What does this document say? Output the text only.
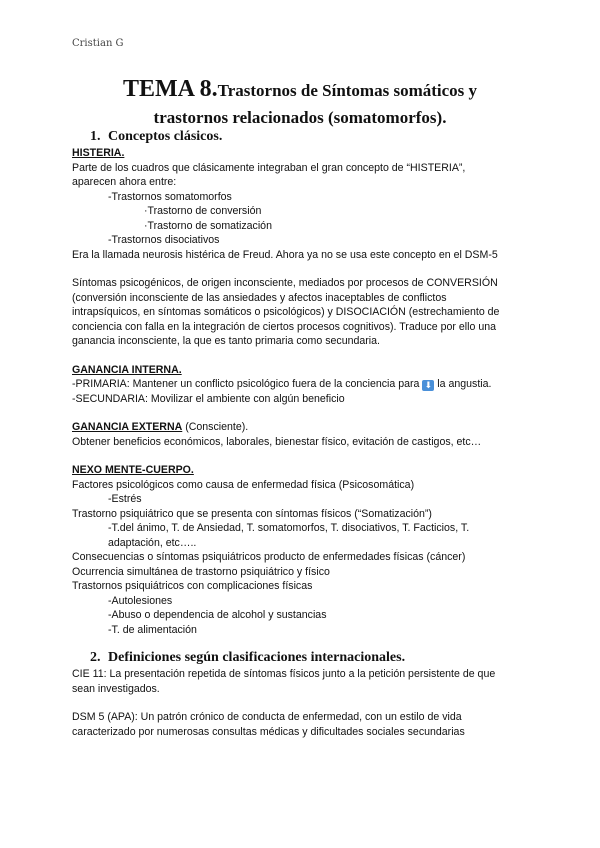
Cristian G
TEMA 8.Trastornos de Síntomas somáticos y
trastornos relacionados (somatomorfos).
1. Conceptos clásicos.
HISTERIA.
Parte de los cuadros que clásicamente integraban el gran concepto de “HISTERIA”,
aparecen ahora entre:
-Trastornos somatomorfos
·Trastorno de conversión
·Trastorno de somatización
-Trastornos disociativos
Era la llamada neurosis histérica de Freud. Ahora ya no se usa este concepto en el DSM-5
Síntomas psicogénicos, de origen inconsciente, mediados por procesos de CONVERSIÓN
(conversión inconsciente de las ansiedades y afectos inaceptables de conflictos
intrapsíquicos, en síntomas somáticos o psicológicos) y DISOCIACIÓN (estrechamiento de
conciencia con falla en la integración de ciertos procesos cognitivos). Traduce por ello una
ganancia inconsciente, la que es tanto primaria como secundaria.
GANANCIA INTERNA.
-PRIMARIA: Mantener un conflicto psicológico fuera de la conciencia para ⬇ la angustia.
-SECUNDARIA: Movilizar el ambiente con algún beneficio
GANANCIA EXTERNA (Consciente).
Obtener beneficios económicos, laborales, bienestar físico, evitación de castigos, etc…
NEXO MENTE-CUERPO.
Factores psicológicos como causa de enfermedad física (Psicosomática)
-Estrés
Trastorno psiquiátrico que se presenta con síntomas físicos (“Somatización”)
-T.del ánimo, T. de Ansiedad, T. somatomorfos, T. disociativos, T. Facticios, T.
adaptación, etc…..
Consecuencias o síntomas psiquiátricos producto de enfermedades físicas (cáncer)
Ocurrencia simultánea de trastorno psiquiátrico y físico
Trastornos psiquiátricos con complicaciones físicas
-Autolesiones
-Abuso o dependencia de alcohol y sustancias
-T. de alimentación
2. Definiciones según clasificaciones internacionales.
CIE 11: La presentación repetida de síntomas físicos junto a la petición persistente de que
sean investigados.
DSM 5 (APA): Un patrón crónico de conducta de enfermedad, con un estilo de vida
caracterizado por numerosas consultas médicas y dificultades sociales secundarias
